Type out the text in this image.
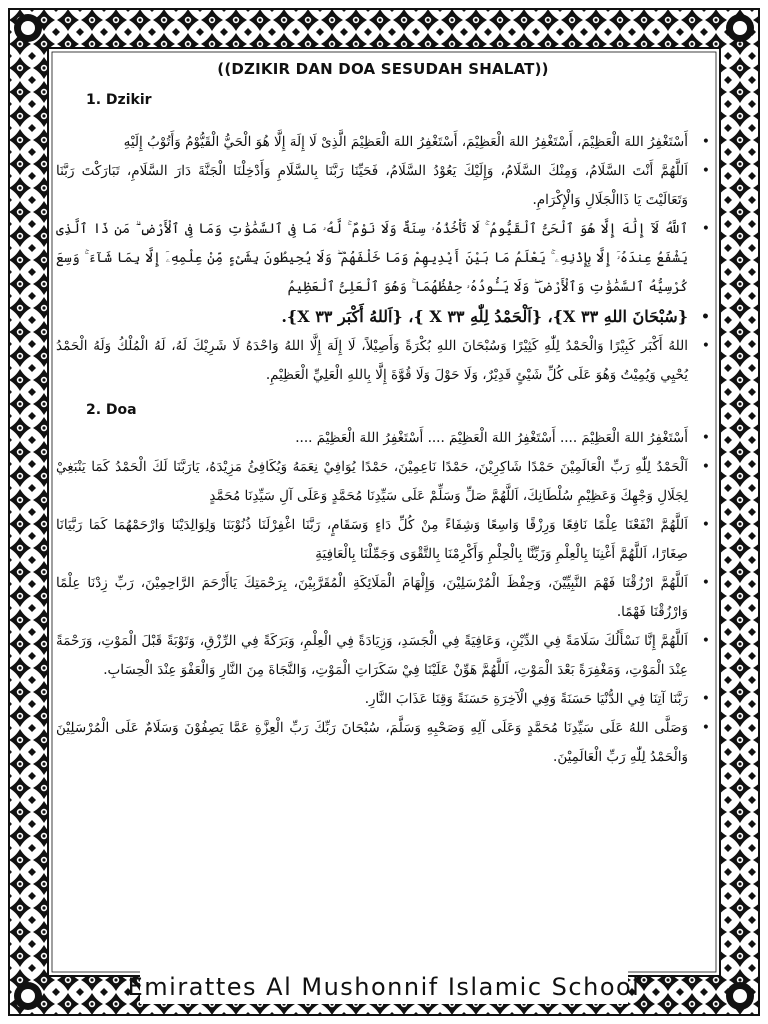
((DZIKIR DAN DOA SESUDAH SHALAT))
1. Dzikir
•
أَسْتَغْفِرُ اللهَ الْعَظِيْمَ، أَسْتَغْفِرُ اللهَ الْعَظِيْمَ، أَسْتَغْفِرُ اللهَ الْعَظِيْمَ الَّذِىْ لَا إِلَهَ إِلَّا هُوَ الْحَيُّ الْقَيُّوْمُ وَأَتُوْبُ إِلَيْهِ
•
اَللَّهُمَّ أَنْتَ السَّلَامُ، وَمِنْكَ السَّلَامُ، وَإِلَيْكَ يَعُوْدُ السَّلَامُ، فَحَيِّنَا رَبَّنَا بِالسَّلَامِ وَأَدْخِلْنَا الْجَنَّةَ دَارَ السَّلَامِ، تَبَارَكْتَ رَبَّنَا وَتَعَالَيْتَ يَا ذَاالْجَلَالِ وَالْإِكْرَامِ.
•
ٱللَّهُ لَآ إِلَٰهَ إِلَّا هُوَ ٱلْحَىُّ ٱلْقَيُّومُ ۚ لَا تَأْخُذُهُۥ سِنَةٌ وَلَا نَوْمٌ ۚ لَّهُۥ مَا فِى ٱلسَّمَٰوَٰتِ وَمَا فِى ٱلْأَرْضِ ۗ مَن ذَا ٱلَّذِى يَشْفَعُ عِندَهُۥٓ إِلَّا بِإِذْنِهِۦ ۚ يَعْلَمُ مَا بَيْنَ أَيْدِيهِمْ وَمَا خَلْفَهُمْ ۖ وَلَا يُحِيطُونَ بِشَىْءٍ مِّنْ عِلْمِهِۦٓ إِلَّا بِمَا شَآءَ ۚ وَسِعَ كُرْسِيُّهُ ٱلسَّمَٰوَٰتِ وَٱلْأَرْضَ ۖ وَلَا يَـُٔودُهُۥ حِفْظُهُمَا ۚ وَهُوَ ٱلْعَلِىُّ ٱلْعَظِيمُ
•
{سُبْحَانَ اللهِ ٣٣ X}، {اَلْحَمْدُ لِلّٰهِ ٣٣ X }، {اَللهُ أَكْبَر ٣٣ X}.
•
اللهُ أَكْبَر كَبِيْرًا وَالْحَمْدُ لِلّٰهِ كَثِيْرًا وَسُبْحَانَ اللهِ بُكْرَةً وَأَصِيْلاً، لَا إِلَهَ إِلَّا اللهُ وَاحْدَهُ لَا شَرِيْكَ لَهُ، لَهُ الْمُلْكُ وَلَهُ الْحَمْدُ يُحْيِي وَيُمِيْتُ وَهُوَ عَلَى كُلِّ شَيْئٍ قَدِيْرٌ، وَلَا حَوْلَ وَلَا قُوَّةَ إِلَّا بِاللهِ الْعَلِيِّ الْعَظِيْمِ.
2. Doa
•
أَسْتَغْفِرُ اللهَ الْعَظِيْمَ .... أَسْتَغْفِرُ اللهَ الْعَظِيْمَ .... أَسْتَغْفِرُ اللهَ الْعَظِيْمَ ....
•
اَلْحَمْدُ لِلّٰهِ رَبِّ الْعَالَمِيْنَ حَمْدًا شَاكِرِيْنَ، حَمْدًا نَاعِمِيْنَ، حَمْدًا يُوَافِيْ نِعَمَهُ وَيُكَافِئُ مَزِيْدَهُ، يَارَبَّنَا لَكَ الْحَمْدُ كَمَا يَنْبَغِيْ لِجَلَالِ وَجْهِكَ وَعَظِيْمِ سُلْطَانِكَ، اَللَّهُمَّ صَلِّ وَسَلِّمْ عَلَى سَيِّدِنَا مُحَمَّدٍ وَعَلَى آلِ سَيِّدِنَا مُحَمَّدٍ
•
اَللَّهُمَّ انْفَعْنَا عِلْمًا نَافِعًا وَرِزْقًا وَاسِعًا وَشِفَاءً مِنْ كُلِّ دَاءٍ وَسَقَامٍ، رَبَّنَا اغْفِرْلَنَا ذُنُوْبَنَا وَلِوَالِدَيْنَا وَارْحَمْهُمَا كَمَا رَبَّيَانَا صِغَارًا، اَللَّهُمَّ أَغْنِنَا بِالْعِلْمِ وَزَيِّنَّا بِالْحِلْمِ وَأَكْرِمْنَا بِالتَّقْوَى وَجَمِّلْنَا بِالْعَافِيَةِ
•
اَللَّهُمَّ ارْزُقْنَا فَهْمَ النَّبِيِّيْنَ، وَحِفْظَ الْمُرْسَلِيْنَ، وَإِلْهَامَ الْمَلَائِكَةِ الْمُقَرَّبِيْنَ، بِرَحْمَتِكَ يَاأَرْحَمَ الرَّاحِمِيْنَ، رَبِّ زِدْنَا عِلْمًا وَارْزُقْنَا فَهْمًا.
•
اَللَّهُمَّ إِنَّا نَسْأَلُكَ سَلَامَةً فِي الدِّيْنِ، وَعَافِيَةً فِي الْجَسَدِ، وَزِيَادَةً فِي الْعِلْمِ، وَبَرَكَةً فِي الرِّزْقِ، وَتَوْبَةً قَبْلَ الْمَوْتِ، وَرَحْمَةً عِنْدَ الْمَوْتِ، وَمَغْفِرَةً بَعْدَ الْمَوْتِ، اَللَّهُمَّ هَوِّنْ عَلَيْنَا فِيْ سَكَرَاتِ الْمَوْتِ، وَالنَّجَاةَ مِنَ النَّارِ وَالْعَفْوَ عِنْدَ الْحِسَابِ.
•
رَبَّنَا آتِنَا فِي الدُّنْيَا حَسَنَةً وَفِي الْآخِرَةِ حَسَنَةً وَقِنَا عَذَابَ النَّارِ.
•
وَصَلَّى اللهُ عَلَى سَيِّدِنَا مُحَمَّدٍ وَعَلَى آلِهِ وَصَحْبِهِ وَسَلَّمَ، سُبْحَانَ رَبِّكَ رَبِّ الْعِزَّةِ عَمَّا يَصِفُوْنَ وَسَلَامٌ عَلَى الْمُرْسَلِيْنَ وَالْحَمْدُ لِلّٰهِ رَبِّ الْعَالَمِيْنَ.
Emirattes Al Mushonnif Islamic School
